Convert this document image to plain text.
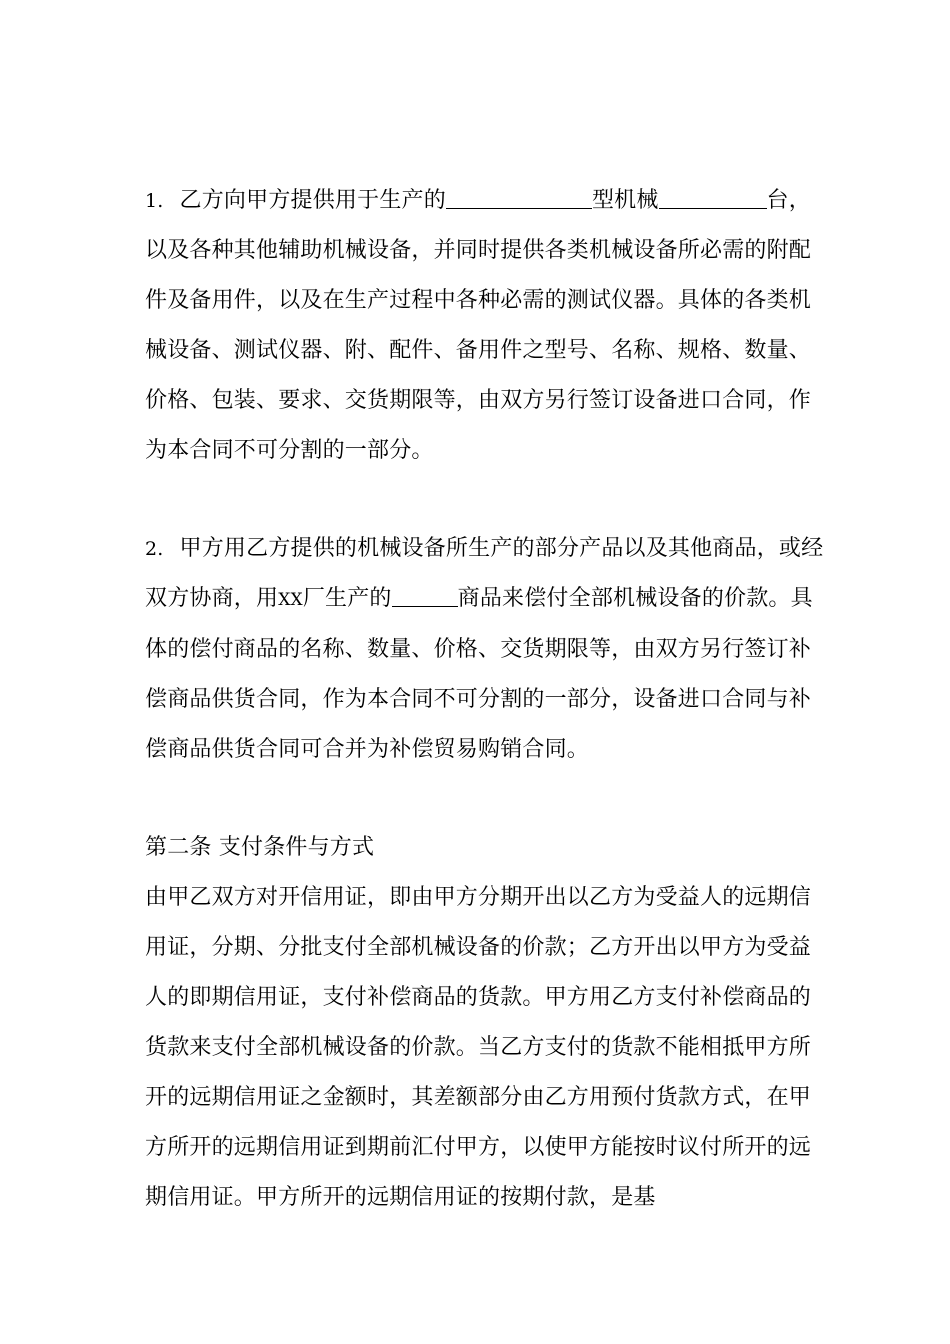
1. 乙方向甲方提供用于生产的	型机械	台，以及各种其他辅助机械设备，并同时提供各类机械设备所必需的附配件及备用件，以及在生产过程中各种必需的测试仪器。具体的各类机械设备、测试仪器、附、配件、备用件之型号、名称、规格、数量、价格、包装、要求、交货期限等，由双方另行签订设备进口合同，作为本合同不可分割的一部分。

2. 甲方用乙方提供的机械设备所生产的部分产品以及其他商品，或经双方协商，用XX厂生产的	商品来偿付全部机械设备的价款。具体的偿付商品的名称、数量、价格、交货期限等，由双方另行签订补偿商品供货合同，作为本合同不可分割的一部分，设备进口合同与补偿商品供货合同可合并为补偿贸易购销合同。

第二条 支付条件与方式

由甲乙双方对开信用证，即由甲方分期开出以乙方为受益人的远期信用证，分期、分批支付全部机械设备的价款；乙方开出以甲方为受益人的即期信用证，支付补偿商品的货款。甲方用乙方支付补偿商品的货款来支付全部机械设备的价款。当乙方支付的货款不能相抵甲方所开的远期信用证之金额时，其差额部分由乙方用预付货款方式，在甲方所开的远期信用证到期前汇付甲方，以使甲方能按时议付所开的远期信用证。甲方所开的远期信用证的按期付款，是基
